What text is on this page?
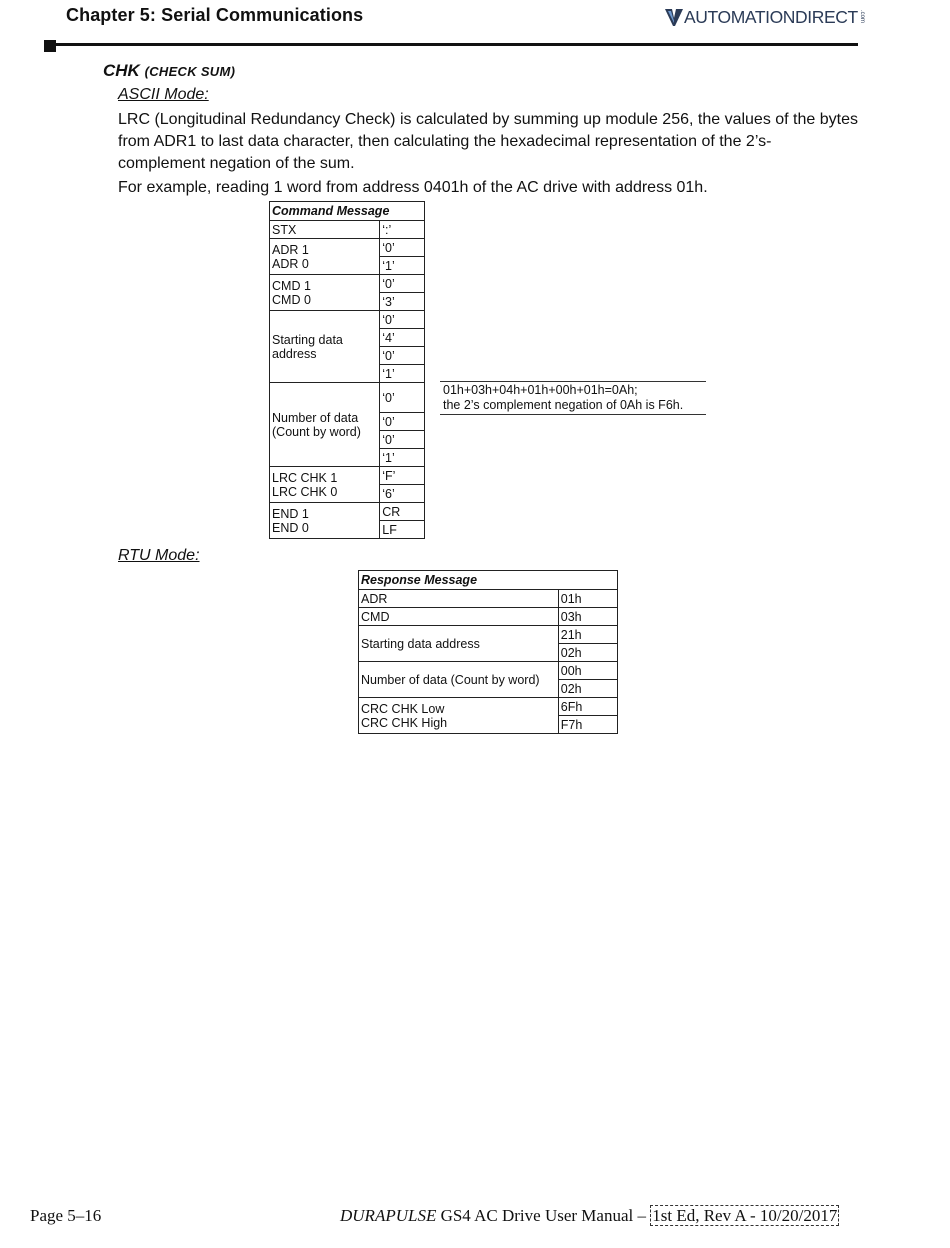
Chapter 5: Serial Communications	AUTOMATIONDIRECT .com
CHK (CHECK SUM)
ASCII Mode:
LRC (Longitudinal Redundancy Check) is calculated by summing up module 256, the values of the bytes from ADR1 to last data character, then calculating the hexadecimal representation of the 2’s-complement negation of the sum.
For example, reading 1 word from address 0401h of the AC drive with address 01h.
Command Message	
STX	‘:’

ADR 1
ADR 0	‘0’
	‘1’

CMD 1
CMD 0	‘0’
	‘3’
Starting data address	‘0’
	‘4’
	‘0’
	‘1’
Number of data (Count by word)	‘0’
	‘0’
	‘0’
	‘1’

LRC CHK 1
LRC CHK 0	‘F’
	‘6’

END 1
END 0	CR
	LF
01h+03h+04h+01h+00h+01h=0Ah;
the 2’s complement negation of 0Ah is F6h.
RTU Mode:
Response Message	
ADR	01h
CMD	03h
Starting data address	21h
	02h
Number of data (Count by word)	00h
	02h

CRC CHK Low
CRC CHK High	6Fh
	F7h
Page 5–16	DURAPULSE GS4 AC Drive User Manual – 1st Ed, Rev A - 10/20/2017
